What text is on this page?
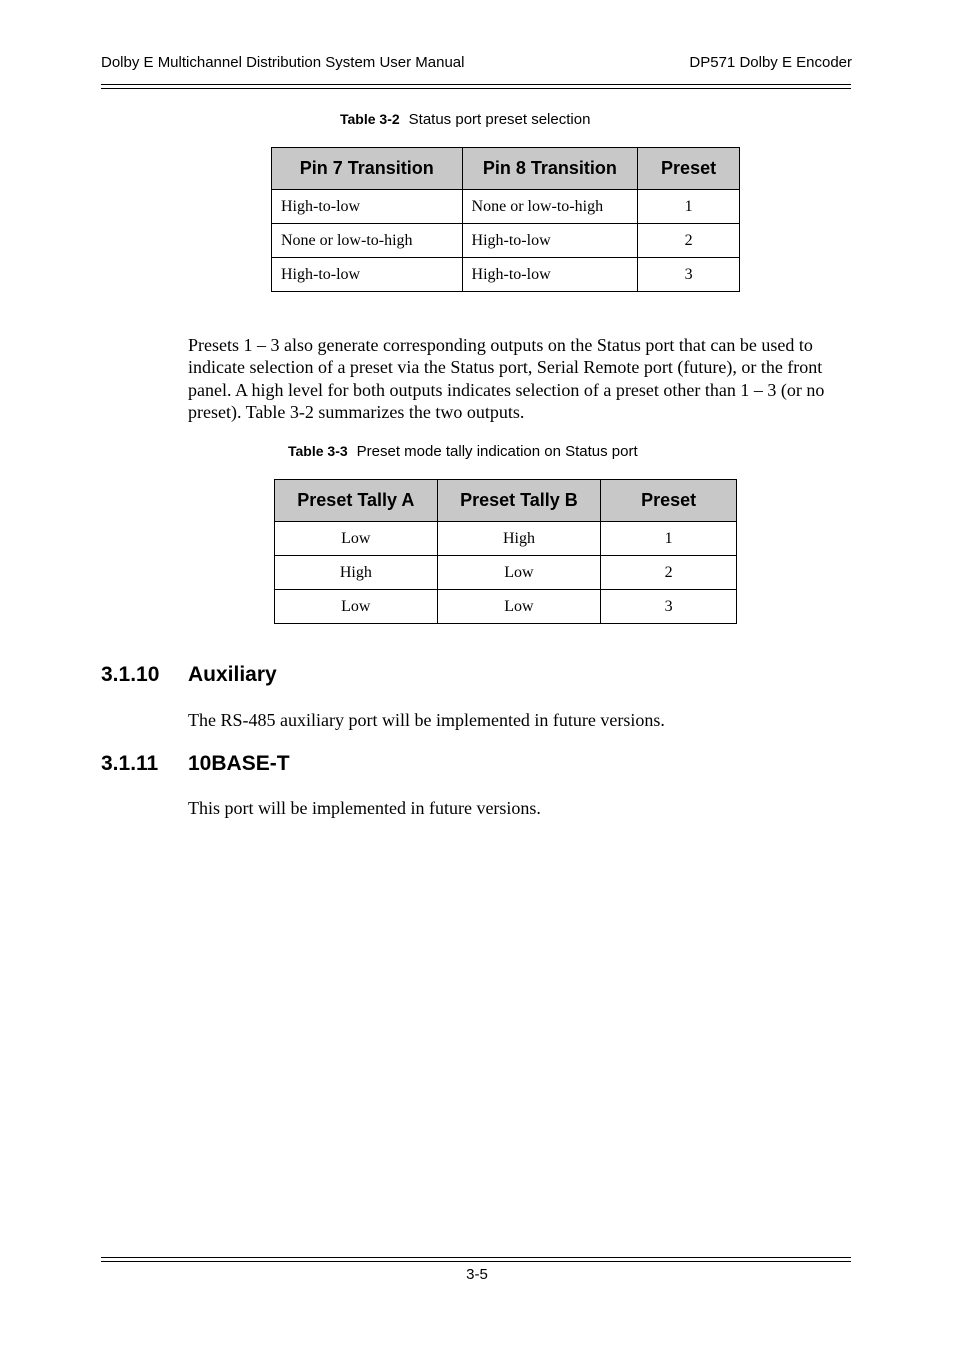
Dolby E Multichannel Distribution System User Manual	DP571 Dolby E Encoder
Table 3-2 Status port preset selection
Pin 7 Transition	Pin 8 Transition	Preset
High-to-low	None or low-to-high	1
None or low-to-high	High-to-low	2
High-to-low	High-to-low	3
Presets 1 – 3 also generate corresponding outputs on the Status port that can be used to indicate selection of a preset via the Status port, Serial Remote port (future), or the front panel. A high level for both outputs indicates selection of a preset other than 1 – 3 (or no preset). Table 3-2 summarizes the two outputs.
Table 3-3 Preset mode tally indication on Status port
Preset Tally A	Preset Tally B	Preset
Low	High	1
High	Low	2
Low	Low	3
3.1.10 Auxiliary
The RS-485 auxiliary port will be implemented in future versions.
3.1.11 10BASE-T
This port will be implemented in future versions.
3-5
